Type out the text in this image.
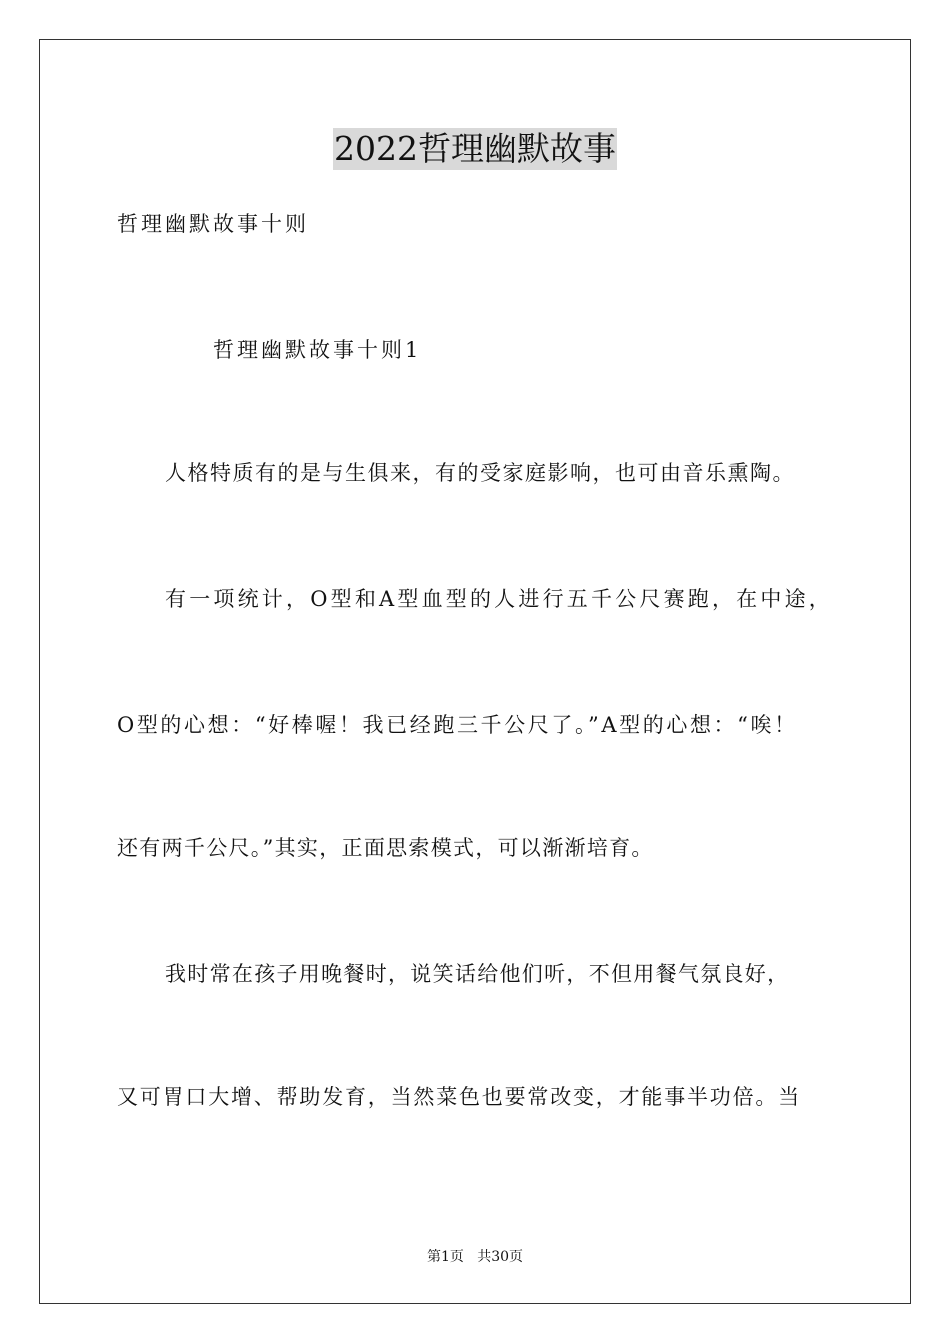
2022哲理幽默故事

哲理幽默故事十则

哲理幽默故事十则1

人格特质有的是与生俱来，有的受家庭影响，也可由音乐熏陶。

有一项统计，O型和A型血型的人进行五千公尺赛跑，在中途，

O型的心想：“好棒喔！我已经跑三千公尺了。”A型的心想：“唉！

还有两千公尺。”其实，正面思索模式，可以渐渐培育。

我时常在孩子用晚餐时，说笑话给他们听，不但用餐气氛良好，

又可胃口大增、帮助发育，当然菜色也要常改变，才能事半功倍。当

第1页   共30页
